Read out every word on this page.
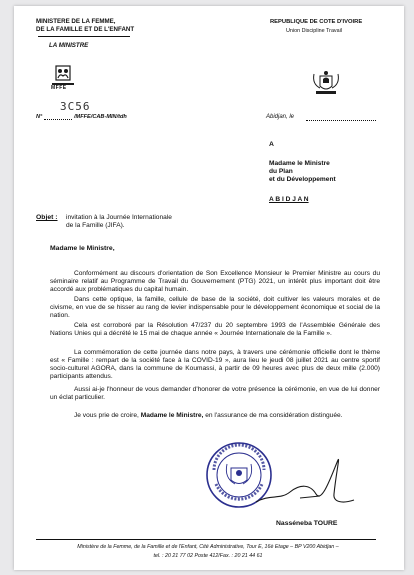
MINISTERE DE LA FEMME,
DE LA FAMILLE ET DE L'ENFANT
LA MINISTRE
MFFE
3C56
N°	/MFFE/CAB-MIN/tdh
REPUBLIQUE DE COTE D'IVOIRE
Union Discipline Travail
Abidjan, le
A
Madame le Ministre
du Plan
et du Développement
A B I D J A N
Objet : invitation à la Journée Internationale
de la Famille (JIFA).
Madame le Ministre,
Conformément au discours d'orientation de Son Excellence Monsieur le Premier Ministre au cours du séminaire relatif au Programme de Travail du Gouvernement (PTG) 2021, un intérêt plus important doit être accordé aux problématiques du capital humain.
Dans cette optique, la famille, cellule de base de la société, doit cultiver les valeurs morales et de civisme, en vue de se hisser au rang de levier indispensable pour le développement économique et social de la nation.
Cela est corroboré par la Résolution 47/237 du 20 septembre 1993 de l'Assemblée Générale des Nations Unies qui a décrété le 15 mai de chaque année « Journée Internationale de la Famille ».
La commémoration de cette journée dans notre pays, à travers une cérémonie officielle dont le thème est « Famille : rempart de la société face à la COVID-19 », aura lieu le jeudi 08 juillet 2021 au centre sportif socio-culturel AGORA, dans la commune de Koumassi, à partir de 09 heures avec plus de deux mille (2.000) participants attendus.
Aussi ai-je l'honneur de vous demander d'honorer de votre présence la cérémonie, en vue de lui donner un éclat particulier.
Je vous prie de croire, Madame le Ministre, en l'assurance de ma considération distinguée.
Nasséneba TOURE
Ministère de la Femme, de la Famille et de l'Enfant, Cité Administrative, Tour E, 16è Etage – BP V200 Abidjan –
tel. : 20 21 77 02 Poste 412/Fax. : 20 21 44 61
